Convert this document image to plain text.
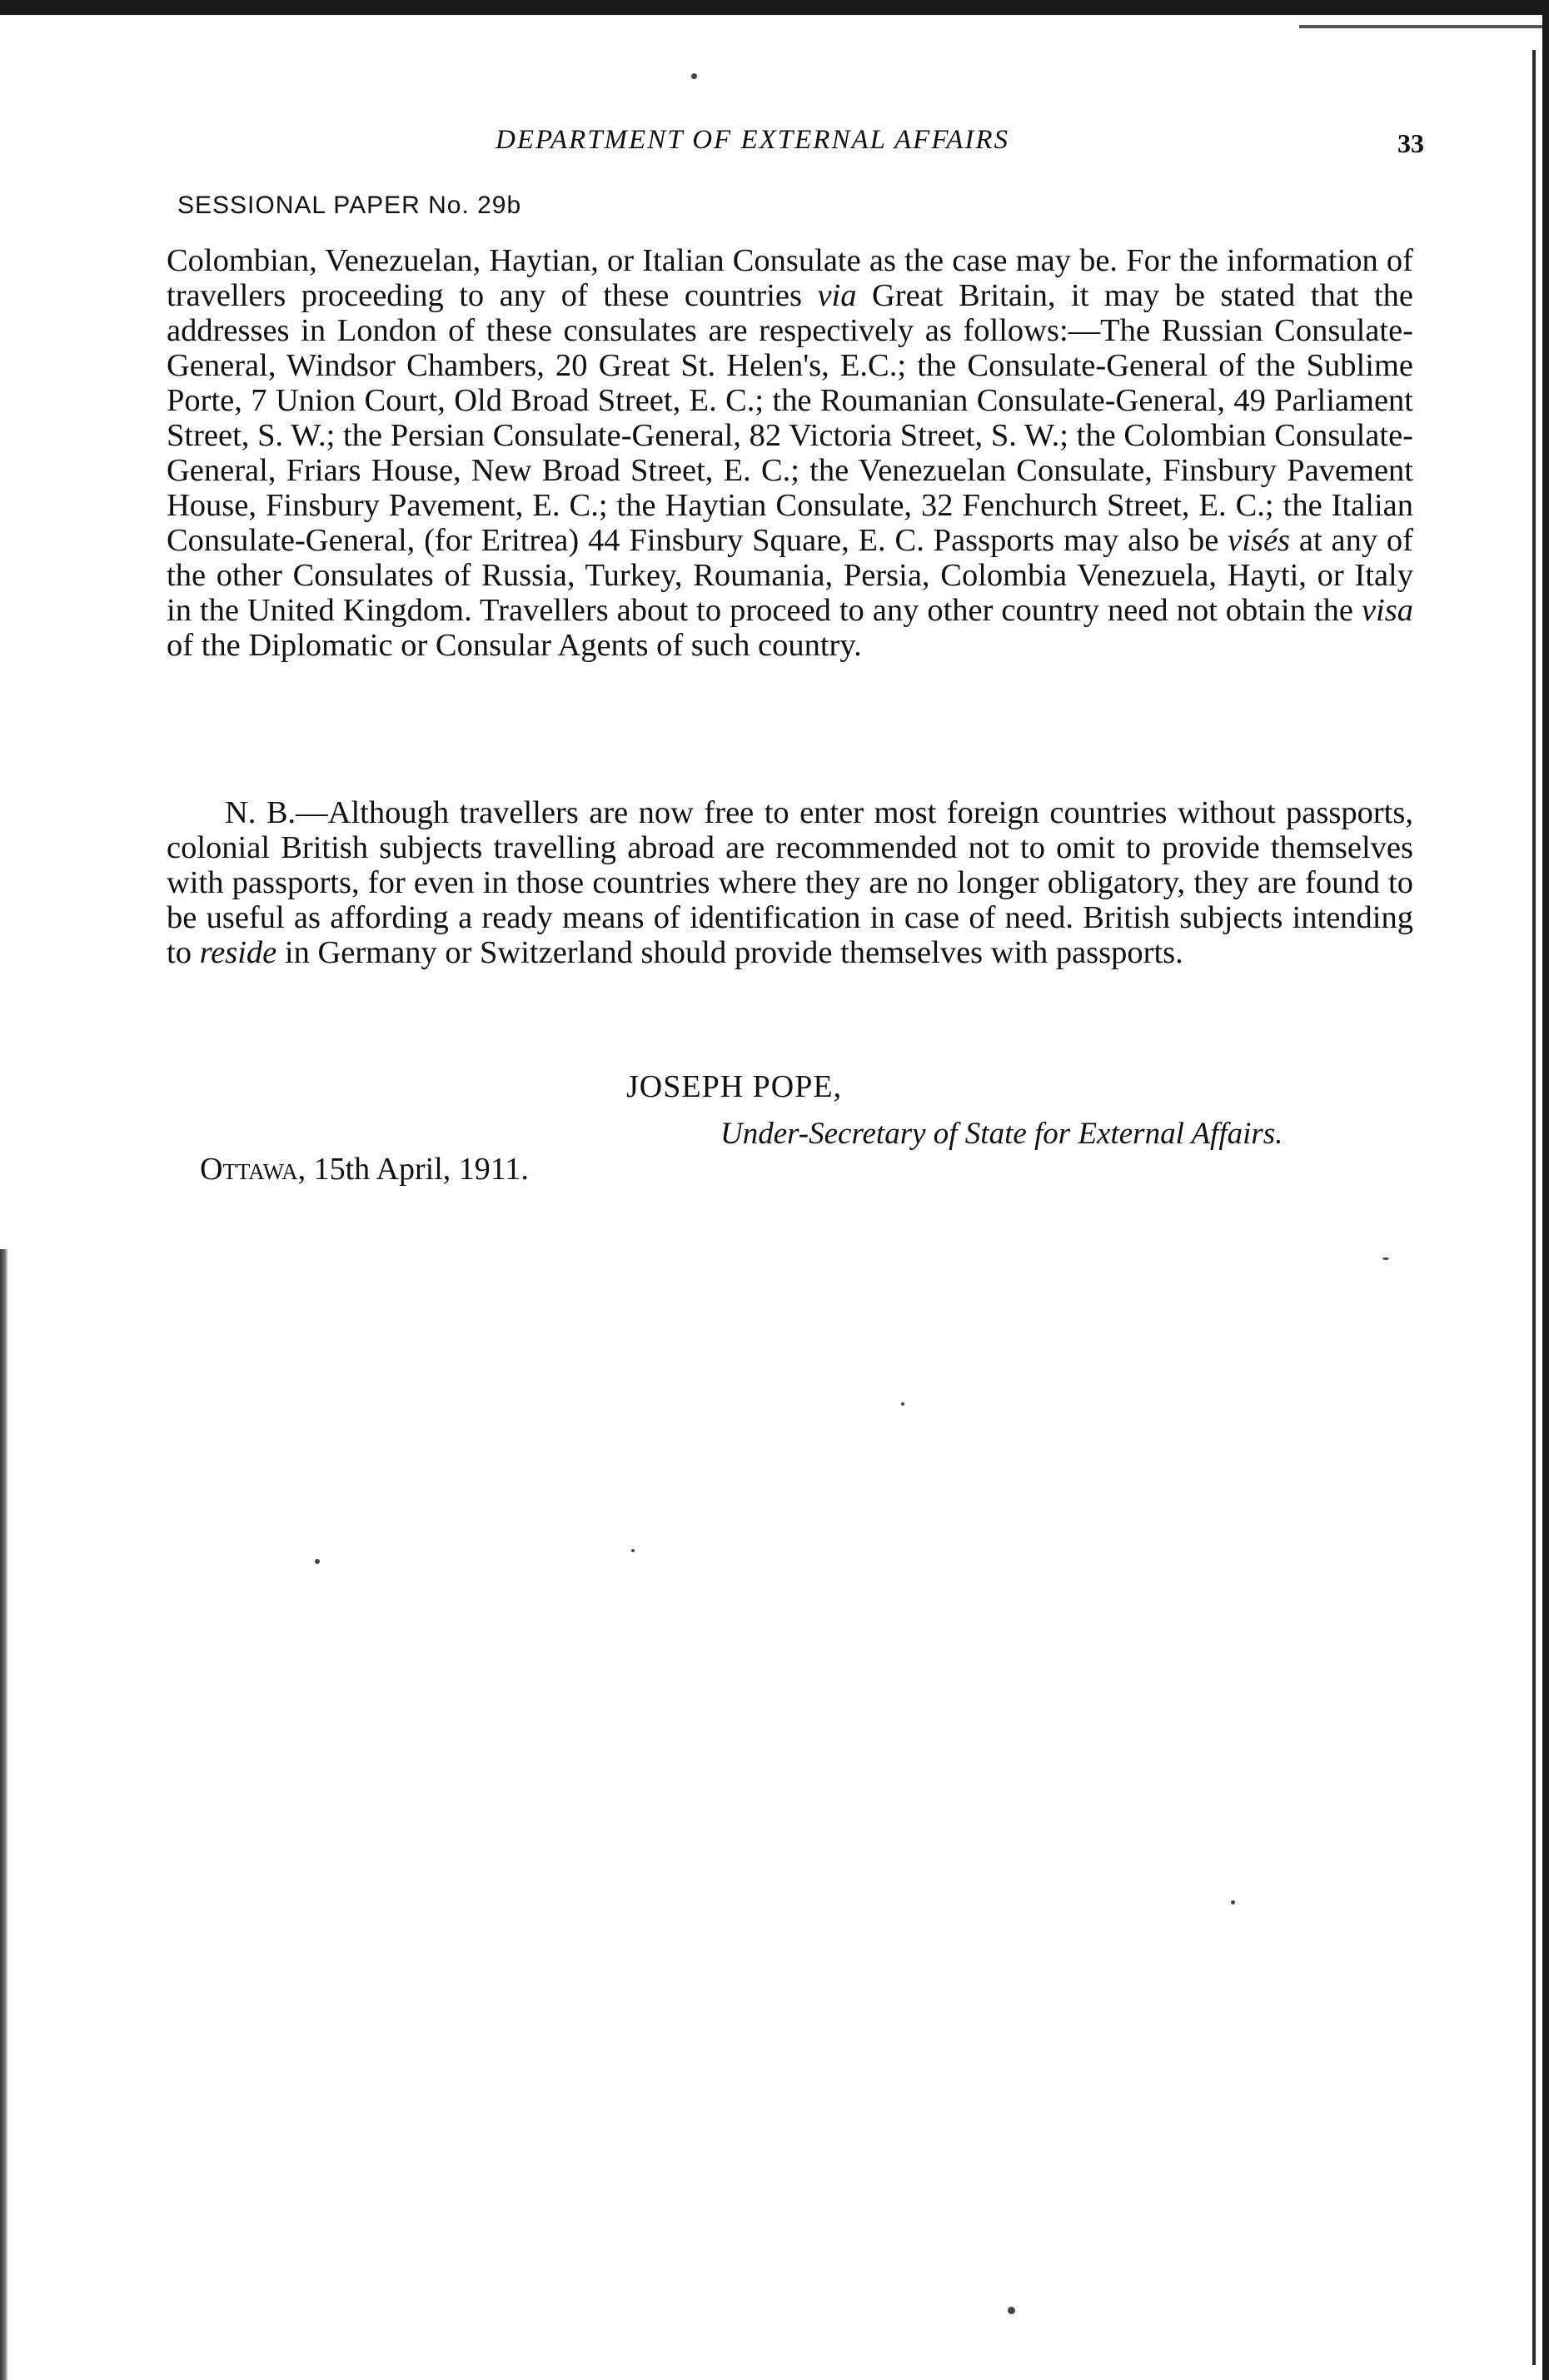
DEPARTMENT OF EXTERNAL AFFAIRS	33
SESSIONAL PAPER No. 29b

Colombian, Venezuelan, Haytian, or Italian Consulate as the case may be. For the information of travellers proceeding to any of these countries via Great Britain, it may be stated that the addresses in London of these consulates are respectively as follows:—The Russian Consulate-General, Windsor Chambers, 20 Great St. Helen's, E.C.; the Consulate-General of the Sublime Porte, 7 Union Court, Old Broad Street, E. C.; the Roumanian Consulate-General, 49 Parliament Street, S. W.; the Persian Consulate-General, 82 Victoria Street, S. W.; the Colombian Consulate-General, Friars House, New Broad Street, E. C.; the Venezuelan Consulate, Finsbury Pavement House, Finsbury Pavement, E. C.; the Haytian Consulate, 32 Fenchurch Street, E. C.; the Italian Consulate-General, (for Eritrea) 44 Finsbury Square, E. C. Passports may also be visés at any of the other Consulates of Russia, Turkey, Roumania, Persia, Colombia Venezuela, Hayti, or Italy in the United Kingdom. Travellers about to proceed to any other country need not obtain the visa of the Diplomatic or Consular Agents of such country.

N. B.—Although travellers are now free to enter most foreign countries without passports, colonial British subjects travelling abroad are recommended not to omit to provide themselves with passports, for even in those countries where they are no longer obligatory, they are found to be useful as affording a ready means of identification in case of need. British subjects intending to reside in Germany or Switzerland should provide themselves with passports.

JOSEPH POPE,
Under-Secretary of State for External Affairs.
Ottawa, 15th April, 1911.
